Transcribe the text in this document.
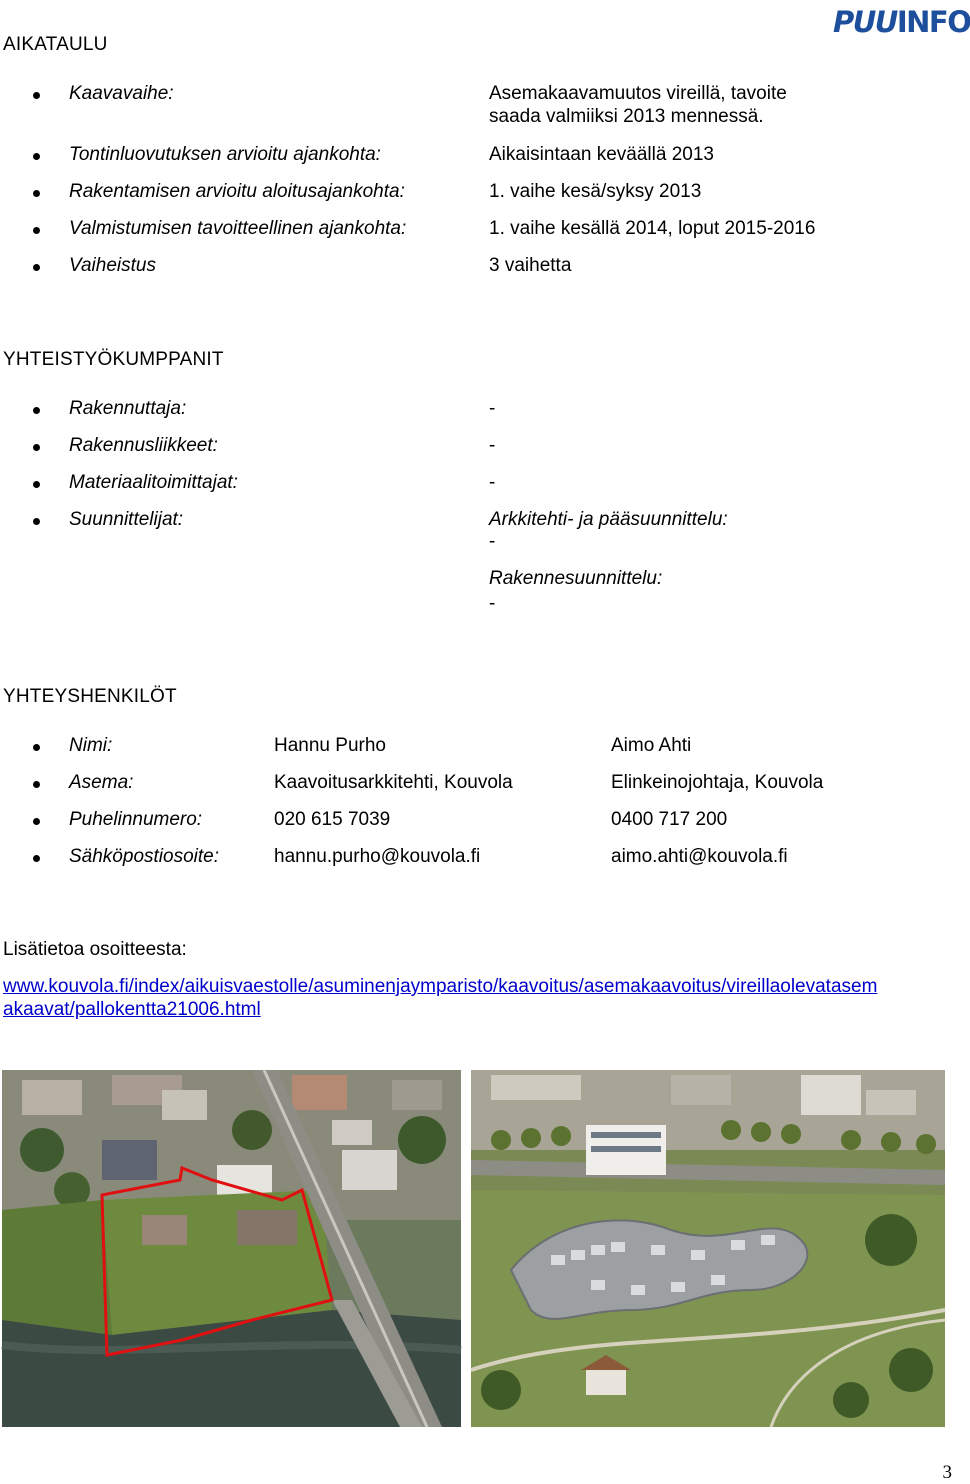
PUUINFO
AIKATAULU
Kaavavaihe:	Asemakaavamuutos vireillä, tavoite
saada valmiiksi 2013 mennessä.
Tontinluovutuksen arvioitu ajankohta:	Aikaisintaan keväällä 2013
Rakentamisen arvioitu aloitusajankohta:	1. vaihe kesä/syksy 2013
Valmistumisen tavoitteellinen ajankohta:	1. vaihe kesällä 2014, loput 2015-2016
Vaiheistus	3 vaihetta
YHTEISTYÖKUMPPANIT
Rakennuttaja:	-
Rakennusliikkeet:	-
Materiaalitoimittajat:	-
Suunnittelijat:	Arkkitehti- ja pääsuunnittelu:
-
Rakennesuunnittelu:
-
YHTEYSHENKILÖT
Nimi:	Hannu Purho	Aimo Ahti
Asema:	Kaavoitusarkkitehti, Kouvola	Elinkeinojohtaja, Kouvola
Puhelinnumero:	020 615 7039	0400 717 200
Sähköpostiosoite:	hannu.purho@kouvola.fi	aimo.ahti@kouvola.fi
Lisätietoa osoitteesta:
www.kouvola.fi/index/aikuisvaestolle/asuminenjaymparisto/kaavoitus/asemakaavoitus/vireillaolevatasem
akaavat/pallokentta21006.html
3
